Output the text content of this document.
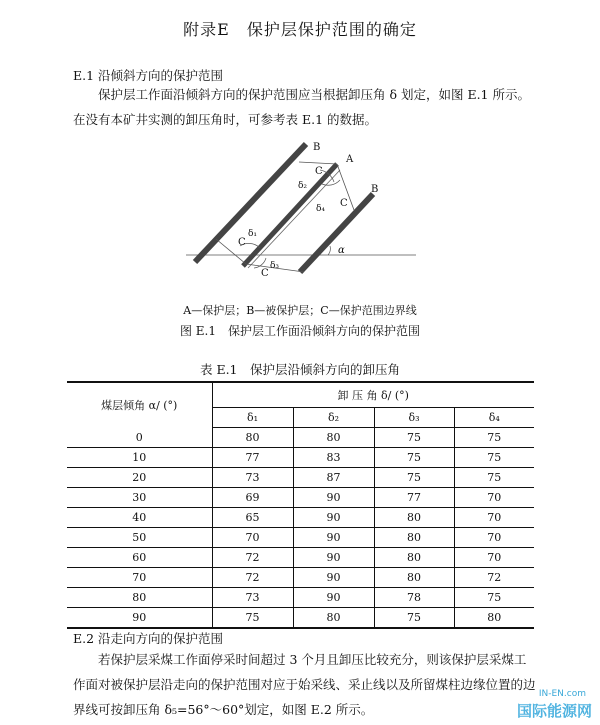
附录E　保护层保护范围的确定
E.1 沿倾斜方向的保护范围

保护层工作面沿倾斜方向的保护范围应当根据卸压角 δ 划定，如图 E.1 所示。在没有本矿井实测的卸压角时，可参考表 E.1 的数据。

A
B
B
C
C
C
C
δ₁
δ₂
δ₃
δ₄
α
A—保护层；B—被保护层；C—保护范围边界线
图 E.1　保护层工作面沿倾斜方向的保护范围
表 E.1　保护层沿倾斜方向的卸压角
煤层倾角 α/ (°)	卸 压 角 δ/ (°)			
	δ₁	δ₂	δ₃	δ₄
0	80	80	75	75
10	77	83	75	75
20	73	87	75	75
30	69	90	77	70
40	65	90	80	70
50	70	90	80	70
60	72	90	80	70
70	72	90	80	72
80	73	90	78	75
90	75	80	75	80
E.2 沿走向方向的保护范围

若保护层采煤工作面停采时间超过 3 个月且卸压比较充分，则该保护层采煤工作面对被保护层沿走向的保护范围对应于始采线、采止线以及所留煤柱边缘位置的边界线可按卸压角 δ₅=56°～60°划定，如图 E.2 所示。

IN-EN.com
国际能源网
